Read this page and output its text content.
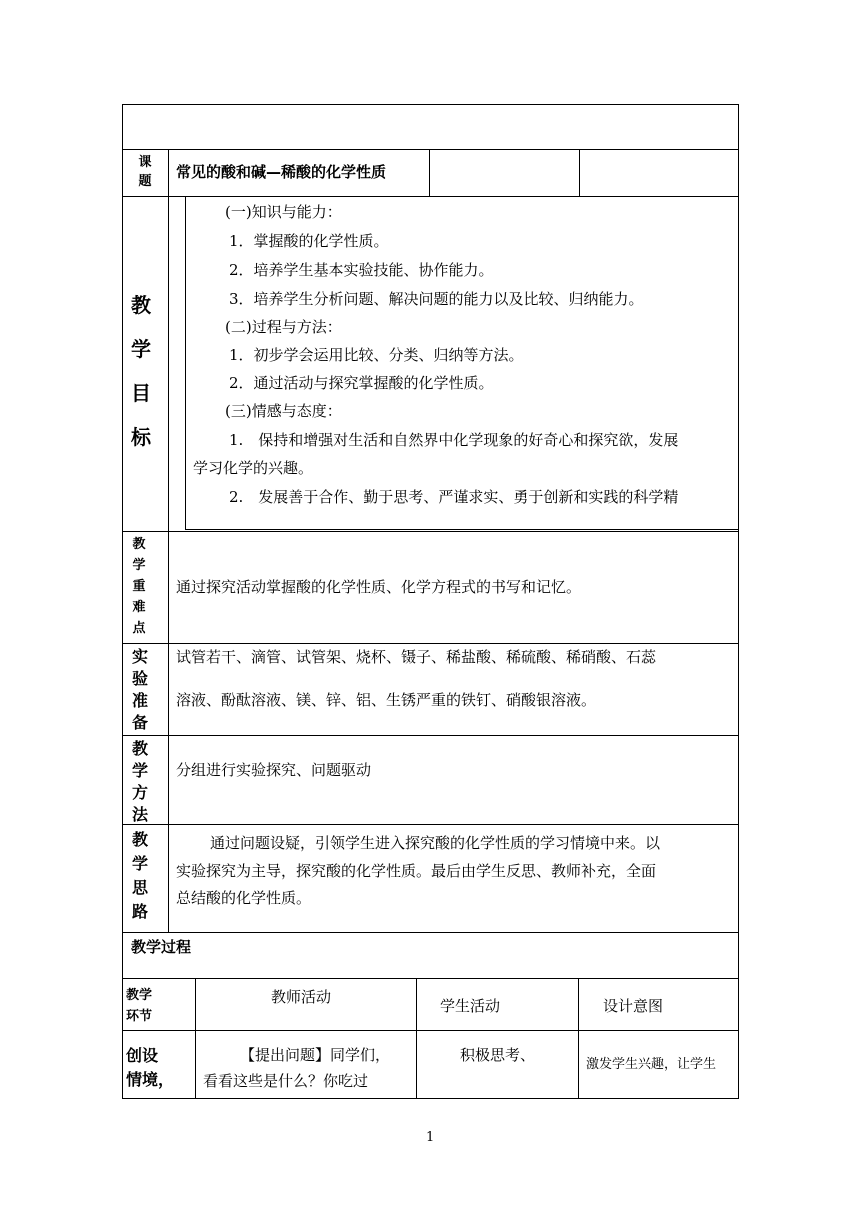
课
题
常见的酸和碱—稀酸的化学性质
教
学
目
标
(一)知识与能力：
1．掌握酸的化学性质。
2．培养学生基本实验技能、协作能力。
3．培养学生分析问题、解决问题的能力以及比较、归纳能力。
(二)过程与方法：
1．初步学会运用比较、分类、归纳等方法。
2．通过活动与探究掌握酸的化学性质。
(三)情感与态度：
1.　保持和增强对生活和自然界中化学现象的好奇心和探究欲，发展
学习化学的兴趣。
2.　发展善于合作、勤于思考、严谨求实、勇于创新和实践的科学精
教
学
重
难
点
通过探究活动掌握酸的化学性质、化学方程式的书写和记忆。
实
验
准
备
试管若干、滴管、试管架、烧杯、镊子、稀盐酸、稀硫酸、稀硝酸、石蕊
溶液、酚酞溶液、镁、锌、铝、生锈严重的铁钉、硝酸银溶液。
教
学
方
法
分组进行实验探究、问题驱动
教
学
思
路
通过问题设疑，引领学生进入探究酸的化学性质的学习情境中来。以
实验探究为主导，探究酸的化学性质。最后由学生反思、教师补充，全面
总结酸的化学性质。
教学过程
教学
环节
教师活动	学生活动	设计意图
创设
情境，
【提出问题】同学们，
看看这些是什么？你吃过
积极思考、
激发学生兴趣，让学生
1
